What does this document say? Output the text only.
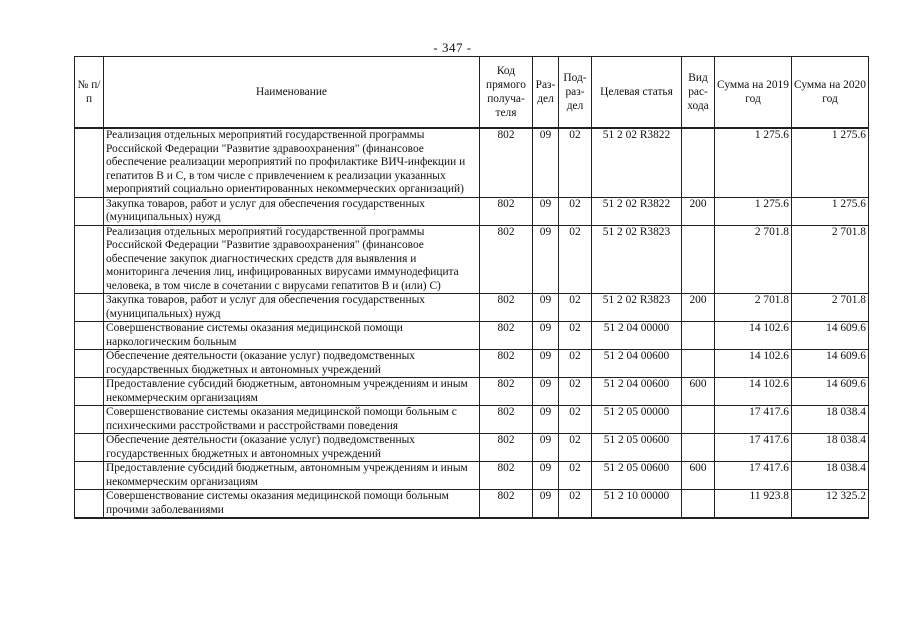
- 347 -
№ п/п	Наименование	Код прямого получа-теля	Раз-дел	Под-раз-дел	Целевая статья	Вид рас-хода	Сумма на 2019 год	Сумма на 2020 год
	Реализация отдельных мероприятий государственной программы Российской Федерации "Развитие здравоохранения" (финансовое обеспечение реализации мероприятий по профилактике ВИЧ-инфекции и гепатитов В и С, в том числе с привлечением к реализации указанных мероприятий социально ориентированных некоммерческих организаций)	802	09	02	51 2 02 R3822		1 275.6	1 275.6
	Закупка товаров, работ и услуг для обеспечения государственных (муниципальных) нужд	802	09	02	51 2 02 R3822	200	1 275.6	1 275.6
	Реализация отдельных мероприятий государственной программы Российской Федерации "Развитие здравоохранения" (финансовое обеспечение закупок диагностических средств для выявления и мониторинга лечения лиц, инфицированных вирусами иммунодефицита человека, в том числе в сочетании с вирусами гепатитов В и (или) С)	802	09	02	51 2 02 R3823		2 701.8	2 701.8
	Закупка товаров, работ и услуг для обеспечения государственных (муниципальных) нужд	802	09	02	51 2 02 R3823	200	2 701.8	2 701.8
	Совершенствование системы оказания медицинской помощи наркологическим больным	802	09	02	51 2 04 00000		14 102.6	14 609.6
	Обеспечение деятельности (оказание услуг) подведомственных государственных бюджетных и автономных учреждений	802	09	02	51 2 04 00600		14 102.6	14 609.6
	Предоставление субсидий бюджетным, автономным учреждениям и иным некоммерческим организациям	802	09	02	51 2 04 00600	600	14 102.6	14 609.6
	Совершенствование системы оказания медицинской помощи больным с психическими расстройствами и расстройствами поведения	802	09	02	51 2 05 00000		17 417.6	18 038.4
	Обеспечение деятельности (оказание услуг) подведомственных государственных бюджетных и автономных учреждений	802	09	02	51 2 05 00600		17 417.6	18 038.4
	Предоставление субсидий бюджетным, автономным учреждениям и иным некоммерческим организациям	802	09	02	51 2 05 00600	600	17 417.6	18 038.4
	Совершенствование системы оказания медицинской помощи больным прочими заболеваниями	802	09	02	51 2 10 00000		11 923.8	12 325.2
